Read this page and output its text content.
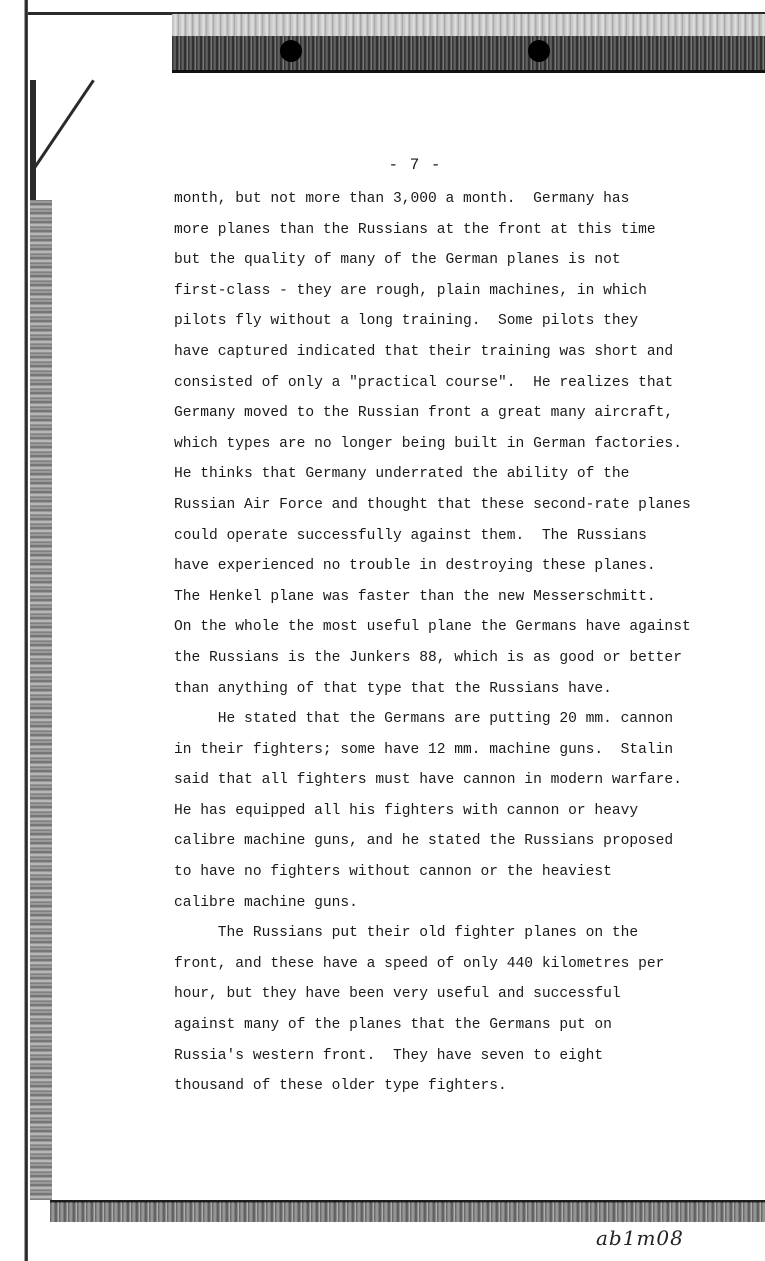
- 7 -
month, but not more than 3,000 a month.  Germany has
more planes than the Russians at the front at this time
but the quality of many of the German planes is not
first-class - they are rough, plain machines, in which
pilots fly without a long training.  Some pilots they
have captured indicated that their training was short and
consisted of only a "practical course".  He realizes that
Germany moved to the Russian front a great many aircraft,
which types are no longer being built in German factories.
He thinks that Germany underrated the ability of the
Russian Air Force and thought that these second-rate planes
could operate successfully against them.  The Russians
have experienced no trouble in destroying these planes.
The Henkel plane was faster than the new Messerschmitt.
On the whole the most useful plane the Germans have against
the Russians is the Junkers 88, which is as good or better
than anything of that type that the Russians have.
He stated that the Germans are putting 20 mm. cannon
in their fighters; some have 12 mm. machine guns.  Stalin
said that all fighters must have cannon in modern warfare.
He has equipped all his fighters with cannon or heavy
calibre machine guns, and he stated the Russians proposed
to have no fighters without cannon or the heaviest
calibre machine guns.
The Russians put their old fighter planes on the
front, and these have a speed of only 440 kilometres per
hour, but they have been very useful and successful
against many of the planes that the Germans put on
Russia's western front.  They have seven to eight
thousand of these older type fighters.
ab1m08
